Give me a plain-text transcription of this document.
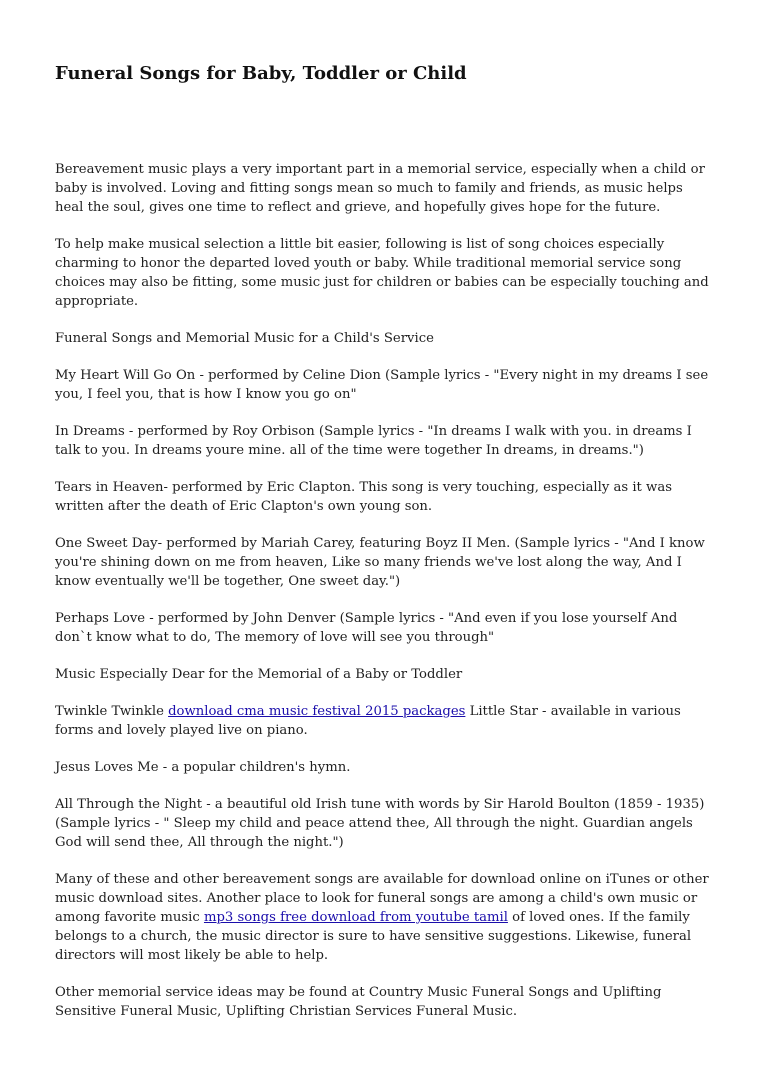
Funeral Songs for Baby, Toddler or Child

Bereavement music plays a very important part in a memorial service, especially when a child or baby is involved. Loving and fitting songs mean so much to family and friends, as music helps heal the soul, gives one time to reflect and grieve, and hopefully gives hope for the future.

To help make musical selection a little bit easier, following is list of song choices especially charming to honor the departed loved youth or baby. While traditional memorial service song choices may also be fitting, some music just for children or babies can be especially touching and appropriate.

Funeral Songs and Memorial Music for a Child's Service

My Heart Will Go On - performed by Celine Dion (Sample lyrics - "Every night in my dreams I see you, I feel you, that is how I know you go on"

In Dreams - performed by Roy Orbison (Sample lyrics - "In dreams I walk with you. in dreams I talk to you. In dreams youre mine. all of the time were together In dreams, in dreams.")

Tears in Heaven- performed by Eric Clapton. This song is very touching, especially as it was written after the death of Eric Clapton's own young son.

One Sweet Day- performed by Mariah Carey, featuring Boyz II Men. (Sample lyrics - "And I know you're shining down on me from heaven, Like so many friends we've lost along the way, And I know eventually we'll be together, One sweet day.")

Perhaps Love - performed by John Denver (Sample lyrics - "And even if you lose yourself And don`t know what to do, The memory of love will see you through"

Music Especially Dear for the Memorial of a Baby or Toddler

Twinkle Twinkle download cma music festival 2015 packages Little Star - available in various forms and lovely played live on piano.

Jesus Loves Me - a popular children's hymn.

All Through the Night - a beautiful old Irish tune with words by Sir Harold Boulton (1859 - 1935) (Sample lyrics - " Sleep my child and peace attend thee, All through the night. Guardian angels God will send thee, All through the night.")

Many of these and other bereavement songs are available for download online on iTunes or other music download sites. Another place to look for funeral songs are among a child's own music or among favorite music mp3 songs free download from youtube tamil of loved ones. If the family belongs to a church, the music director is sure to have sensitive suggestions. Likewise, funeral directors will most likely be able to help.

Other memorial service ideas may be found at Country Music Funeral Songs and Uplifting Sensitive Funeral Music, Uplifting Christian Services Funeral Music.
